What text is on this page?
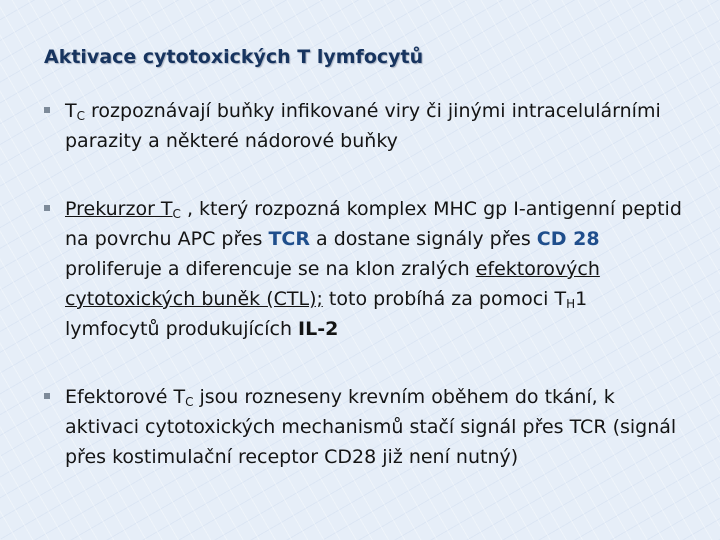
Aktivace cytotoxických T lymfocytů
$T_C$ rozpoznávají buňky infikované viry či jinými intracelulárními parazity a některé nádorové buňky
Prekurzor $T_C$ , který rozpozná komplex MHC gp I-antigenní peptid na povrchu APC přes TCR a dostane signály přes CD 28 proliferuje a diferencuje se na klon zralých efektorových cytotoxických buněk (CTL); toto probíhá za pomoci $T_H1$ lymfocytů produkujících IL-2
Efektorové $T_C$ jsou rozneseny krevním oběhem do tkání, k aktivaci cytotoxických mechanismů stačí signál přes TCR (signál přes kostimulační receptor CD28 již není nutný)
